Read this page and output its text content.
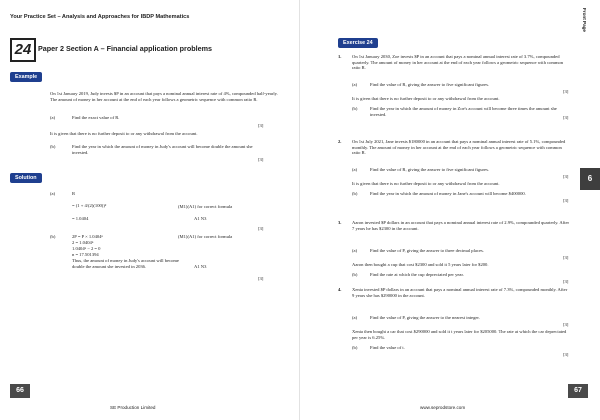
Your Practice Set – Analysis and Approaches for IBDP Mathematics
24 Paper 2 Section A – Financial application problems
Example
On 1st January 2019, Judy invests $P in an account that pays a nominal annual interest rate of 4%, compounded half-yearly. The amount of money in her account at the end of each year follows a geometric sequence with common ratio R.
(a)	Find the exact value of R.
[3]
It is given that there is no further deposit to or any withdrawal from the account.
(b)	Find the year in which the amount of money in Judy's account will become double the amount she invested.
[3]
Solution
(a)	R
= (1 + 4/(2)(100))²
= 1.0404
(M1)(A1) for correct formula
A1 N3
[3]
(b)	2P = P × 1.0404ⁿ
2 = 1.0404ⁿ
1.0404ⁿ − 2 = 0
n = 17.501394
Thus, the amount of money in Judy's account will become
double the amount she invested in 2036.
(M1)(A1) for correct formula
A1 N3
[3]
66
SE Production Limited
Front Page
6
Exercise 24
1. On 1st January 2030, Zoe invests $P in an account that pays a nominal annual interest rate of 3.7%, compounded quarterly. The amount of money in her account at the end of each year follows a geometric sequence with common ratio R.
(a)	Find the value of R, giving the answer to five significant figures.
[3]
It is given that there is no further deposit to or any withdrawal from the account.
(b)	Find the year in which the amount of money in Zoe's account will become three times the amount she invested.
[3]
2. On 1st July 2021, Jane invests $180000 in an account that pays a nominal annual interest rate of 5.1%, compounded monthly. The amount of money in her account at the end of each year follows a geometric sequence with common ratio R.
(a)	Find the value of R, giving the answer to five significant figures.
[3]
It is given that there is no further deposit to or any withdrawal from the account.
(b)	Find the year in which the amount of money in Jane's account will become $400000.
[3]
3. Aaron invested $P dollars in an account that pays a nominal annual interest rate of 2.9%, compounded quarterly. After 7 years he has $2300 in the account.
(a)	Find the value of P, giving the answer to three decimal places.
[3]
Aaron then bought a cup that cost $2300 and sold it 5 years later for $200.
(b)	Find the rate at which the cup depreciated per year.
[3]
4. Xenia invested $P dollars in an account that pays a nominal annual interest rate of 7.3%, compounded monthly. After 9 years she has $290000 in the account.
(a)	Find the value of P, giving the answer to the nearest integer.
[3]
Xenia then bought a car that cost $290000 and sold it t years later for $205000. The rate at which the car depreciated per year is 6.25%.
(b)	Find the value of t.
[3]
67
www.seprodstore.com
